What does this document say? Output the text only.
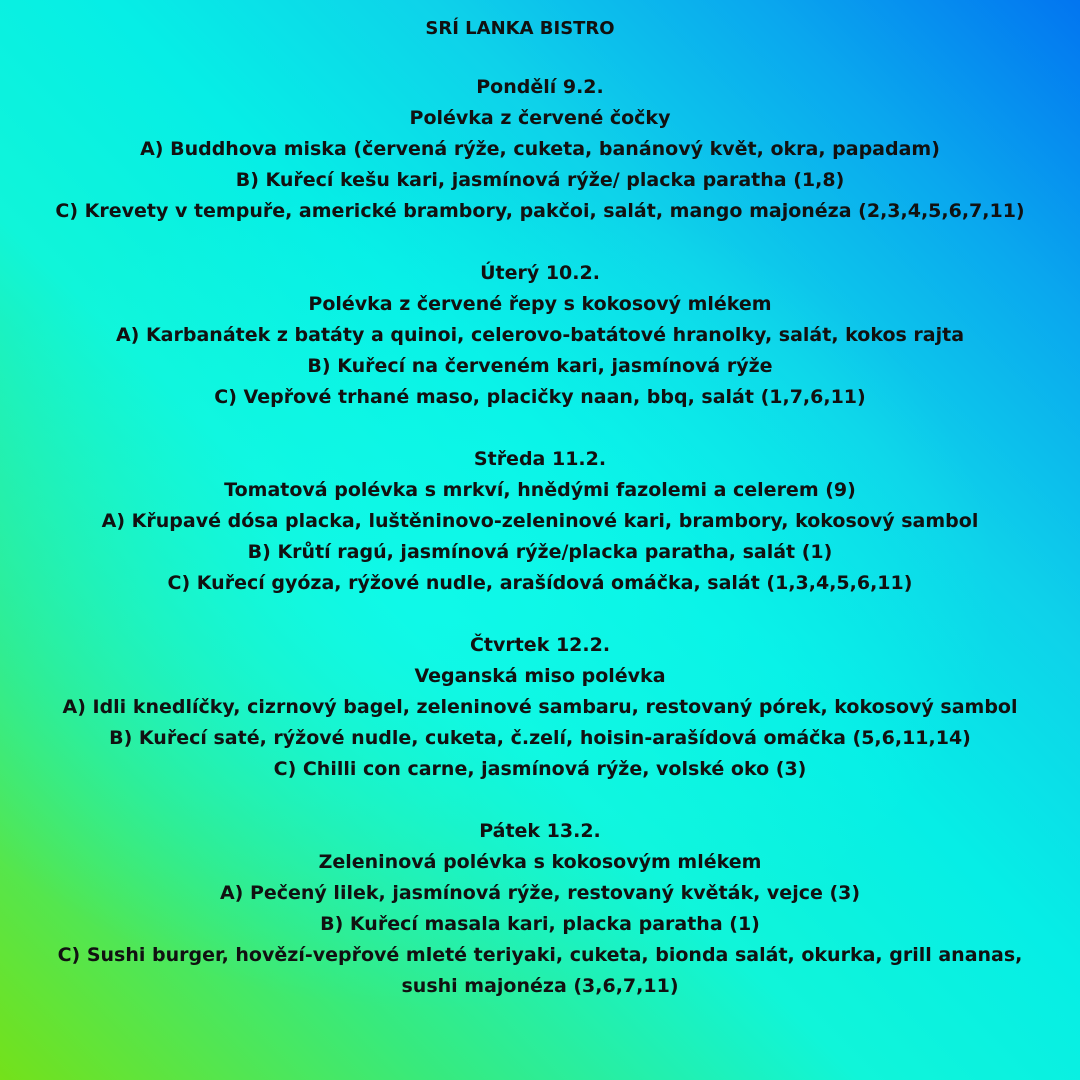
SRÍ LANKA BISTRO
Pondělí 9.2.
Polévka z červené čočky
A) Buddhova miska (červená rýže, cuketa, banánový květ, okra, papadam)
B) Kuřecí kešu kari, jasmínová rýže/ placka paratha (1,8)
C) Krevety v tempuře, americké brambory, pakčoi, salát, mango majonéza (2,3,4,5,6,7,11)
Úterý 10.2.
Polévka z červené řepy s kokosový mlékem
A) Karbanátek z batáty a quinoi, celerovo-batátové hranolky, salát, kokos rajta
B) Kuřecí na červeném kari, jasmínová rýže
C) Vepřové trhané maso, placičky naan, bbq, salát (1,7,6,11)
Středa 11.2.
Tomatová polévka s mrkví, hnědými fazolemi a celerem (9)
A) Křupavé dósa placka, luštěninovo-zeleninové kari, brambory, kokosový sambol
B) Krůtí ragú, jasmínová rýže/placka paratha, salát (1)
C) Kuřecí gyóza, rýžové nudle, arašídová omáčka, salát (1,3,4,5,6,11)
Čtvrtek 12.2.
Veganská miso polévka
A) Idli knedlíčky, cizrnový bagel, zeleninové sambaru, restovaný pórek, kokosový sambol
B) Kuřecí saté, rýžové nudle, cuketa, č.zelí, hoisin-arašídová omáčka (5,6,11,14)
C) Chilli con carne, jasmínová rýže, volské oko (3)
Pátek 13.2.
Zeleninová polévka s kokosovým mlékem
A) Pečený lilek, jasmínová rýže, restovaný květák, vejce (3)
B) Kuřecí masala kari, placka paratha (1)
C) Sushi burger, hovězí-vepřové mleté teriyaki, cuketa, bionda salát, okurka, grill ananas, sushi majonéza (3,6,7,11)
